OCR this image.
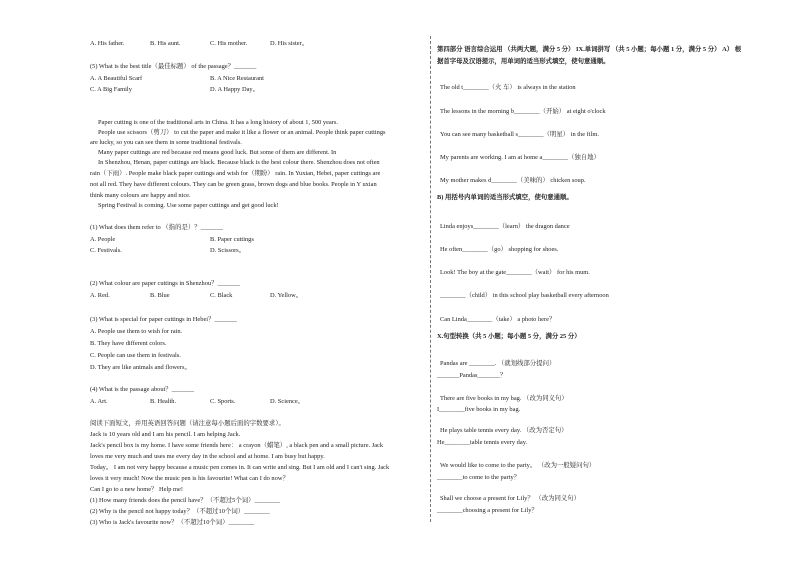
A. His father.	B. His aunt.	C. His mother.	D. His sister。
(5) What is the best title（最佳标题） of the passage？_______
A. A Beautiful Scarf	B. A Nice Restaurant
C. A Big Family	D. A Happy Day。
Paper cutting is one of the traditional arts in China. It has a long history of about 1, 500 years.
People use scissors（剪刀） to cut the paper and make it like a flower or an animal. People think paper cuttings
are lucky, so you can see them in some traditional festivals.
Many paper cuttings are red because red means good luck. But some of them are different. In
In Shenzhou, Henan, paper cuttings are black. Because black is the best colour there. Shenzhou does not often
rain（下雨）. People make black paper cuttings and wish for（期盼） rain. In Yuxian, Hebei, paper cuttings are
not all red. They have different colours. They can be green grass, brown dogs and blue books. People in Y uxian
think many colours are happy and nice.
Spring Festival is coming. Use some paper cuttings and get good luck!
(1) What does them refer to （指的是）？_______
A. People	B. Paper cuttings
C. Festivals.	D. Scissors。
(2) What colour are paper cuttings in Shenzhou？_______
A. Red.	B. Blue	C. Black	D. Yellow。
(3) What is special for paper cuttings in Hebei？_______
A. People use them to wish for rain.
B. They have different colors.
C. People can use them in festivals.
D. They are like animals and flowers。
(4) What is the passage about？_______
A. Art.	B. Health.	C. Sports.	D. Science。
阅读下面短文，并用英语回答问题（请注意每小题后面的字数要求）。
Jack is 10 years old and I am his pencil. I am helping Jack.
Jack's pencil box is my home. I have some friends here： a crayon（蜡笔）, a black pen and a small picture. Jack
loves me very much and uses me every day in the school and at home. I am busy but happy.
Today。 I am not very happy because a music pen comes in. It can write and sing. But I am old and I can't sing. Jack
loves it very much! Now the music pen is his favourite! What can I do now？
Can I go to a new home？ Help me!
(1) How many friends does the pencil have？（不超过5个词）________
(2) Why is the pencil not happy today？（不超过10个词）________
(3) Who is Jack's favourite now？（不超过10个词）________
第四部分 语言综合运用 （共两大题，满分 5 分） IX.单词拼写 （共 5 小题；每小题 1 分，满分 5 分） A） 根
据首字母及汉语提示，用单词的适当形式填空，使句意通顺。
The old t________（火 车） is always in the station
The lessons in the morning b________（开始） at eight o'clock
You can see many basketball s________（明星） in the film.
My parents are working. I am at home a________（独自地）
My mother makes d________（美味的） chicken soup.
B) 用括号内单词的适当形式填空，使句意通顺。
Linda enjoys________（learn） the dragon dance
He often________（go） shopping for shoes.
Look! The boy at the gate________（wait） for his mum.
________（child） in this school play basketball every afternoon
Can Linda________（take） a photo here？
X.句型转换（共 5 小题；每小题 5 分，满分 25 分）
Pandas are ________. （就划线部分提问）
_______Pandas_______？
There are five books in my bag. （改为同义句）
I________five books in my bag.
He plays table tennis every day. （改为否定句）
He________table tennis every day.
We would like to come to the party。 （改为一般疑问句）
________to come to the party？
Shall we choose a present for Lily？ （改为同义句）
________choosing a present for Lily？
